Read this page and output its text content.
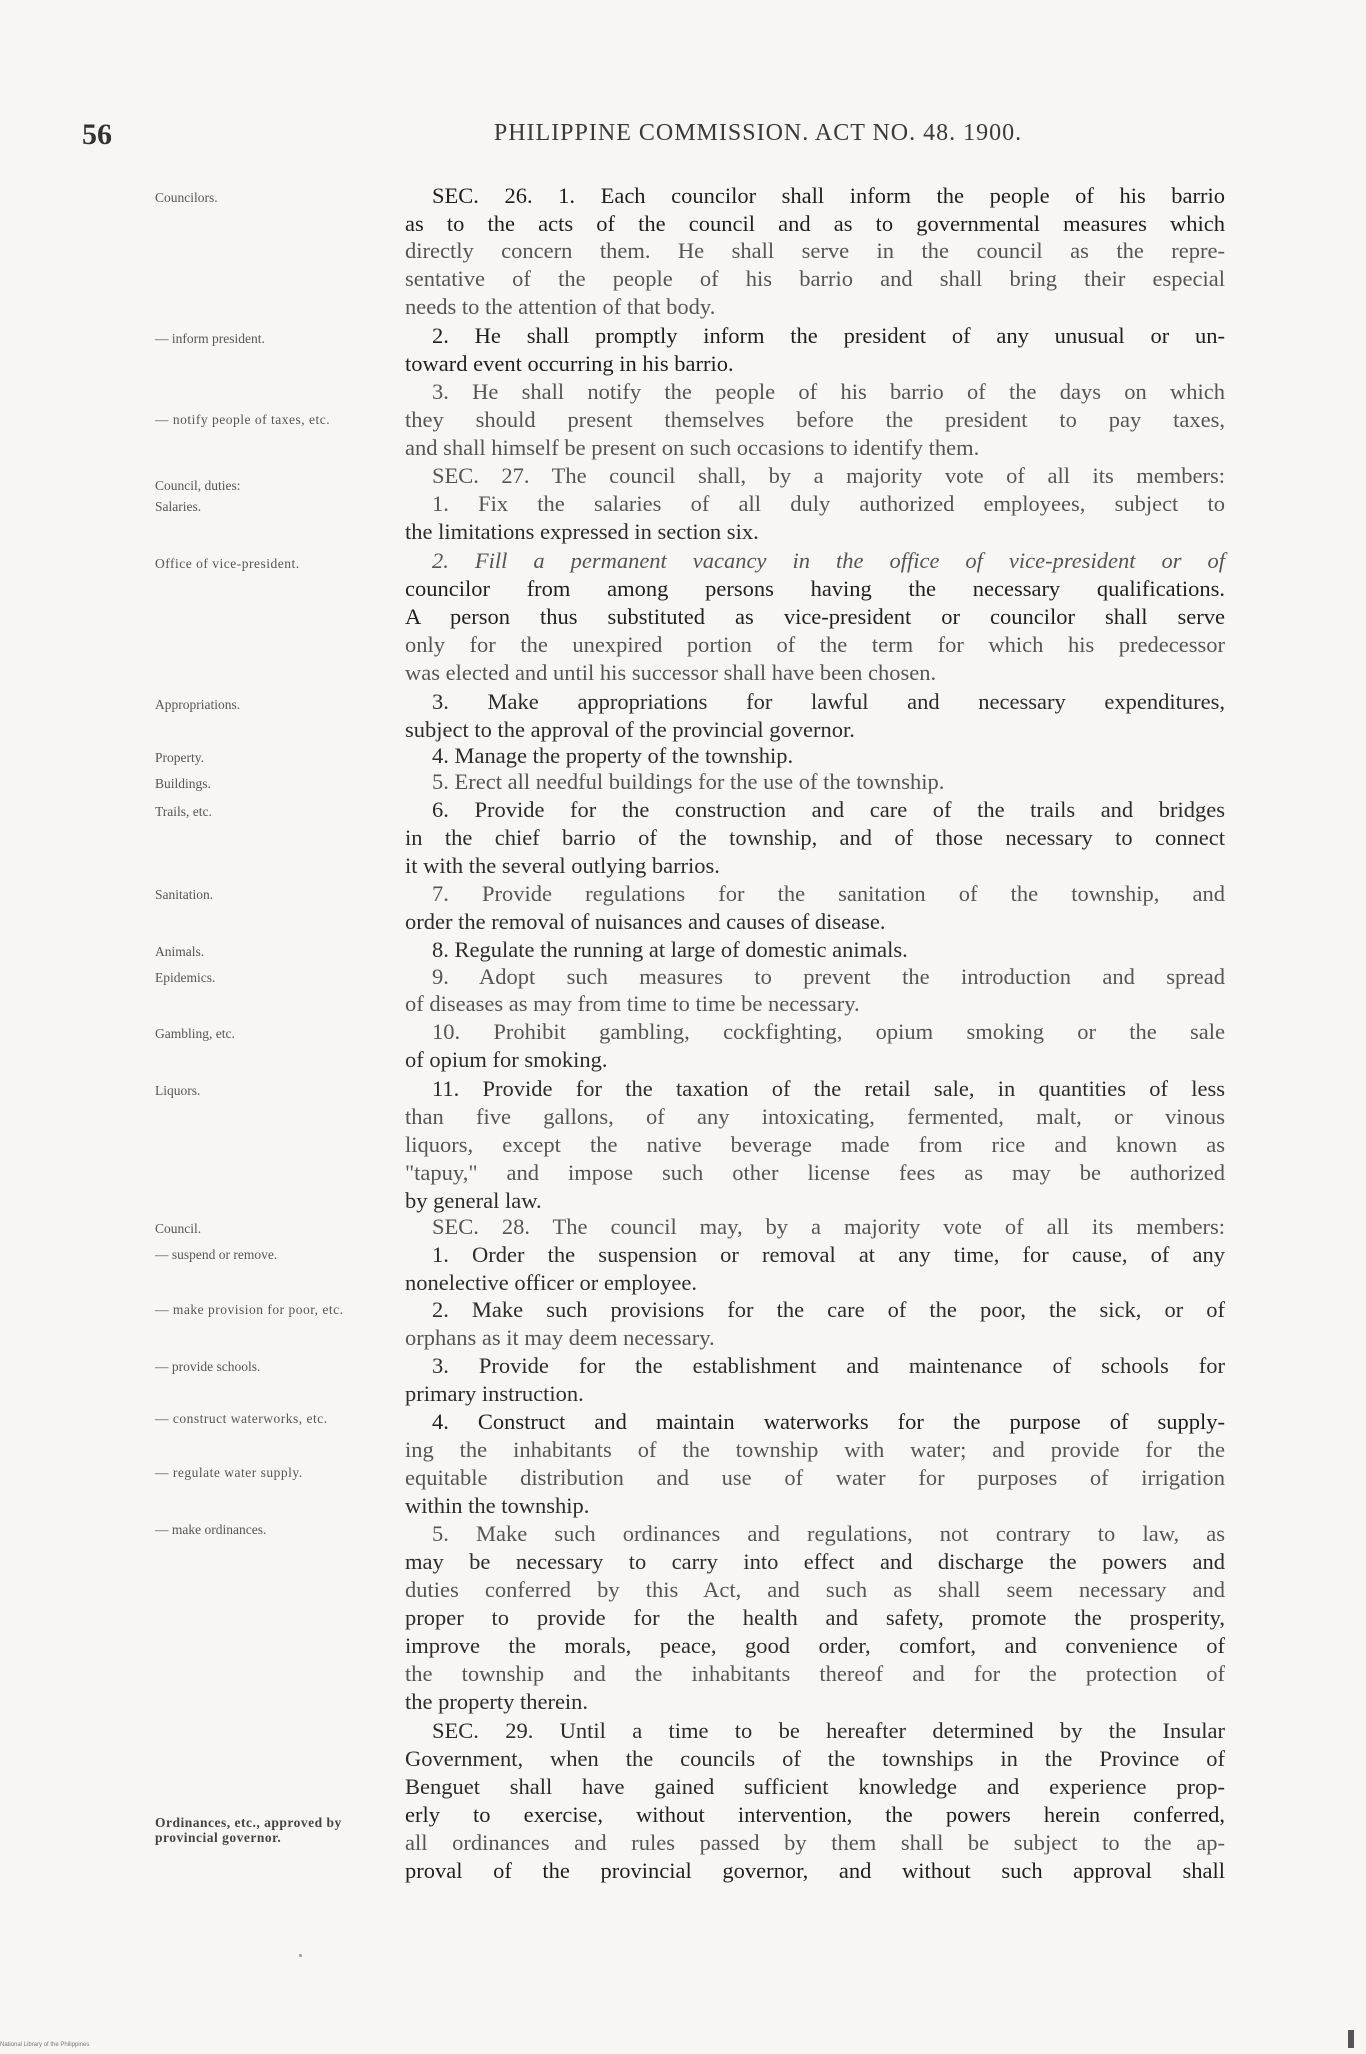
56	PHILIPPINE COMMISSION. ACT NO. 48. 1900.
Councilors.
— inform president.
— notify people of taxes, etc.
Council, duties:
Salaries.
Office of vice-president.
Appropriations.
Property.
Buildings.
Trails, etc.
Sanitation.
Animals.
Epidemics.
Gambling, etc.
Liquors.
Council.
— suspend or remove.
— make provision for poor, etc.
— provide schools.
— construct waterworks, etc.
— regulate water supply.
— make ordinances.
Ordinances, etc., approved by provincial governor.
SEC. 26. 1. Each councilor shall inform the people of his barrio
as to the acts of the council and as to governmental measures which
directly concern them. He shall serve in the council as the repre-
sentative of the people of his barrio and shall bring their especial
needs to the attention of that body.
2. He shall promptly inform the president of any unusual or un-
toward event occurring in his barrio.
3. He shall notify the people of his barrio of the days on which
they should present themselves before the president to pay taxes,
and shall himself be present on such occasions to identify them.
SEC. 27. The council shall, by a majority vote of all its members:
1. Fix the salaries of all duly authorized employees, subject to
the limitations expressed in section six.
2. Fill a permanent vacancy in the office of vice-president or of
councilor from among persons having the necessary qualifications.
A person thus substituted as vice-president or councilor shall serve
only for the unexpired portion of the term for which his predecessor
was elected and until his successor shall have been chosen.
3. Make appropriations for lawful and necessary expenditures,
subject to the approval of the provincial governor.
4. Manage the property of the township.
5. Erect all needful buildings for the use of the township.
6. Provide for the construction and care of the trails and bridges
in the chief barrio of the township, and of those necessary to connect
it with the several outlying barrios.
7. Provide regulations for the sanitation of the township, and
order the removal of nuisances and causes of disease.
8. Regulate the running at large of domestic animals.
9. Adopt such measures to prevent the introduction and spread
of diseases as may from time to time be necessary.
10. Prohibit gambling, cockfighting, opium smoking or the sale
of opium for smoking.
11. Provide for the taxation of the retail sale, in quantities of less
than five gallons, of any intoxicating, fermented, malt, or vinous
liquors, except the native beverage made from rice and known as
"tapuy," and impose such other license fees as may be authorized
by general law.
SEC. 28. The council may, by a majority vote of all its members:
1. Order the suspension or removal at any time, for cause, of any
nonelective officer or employee.
2. Make such provisions for the care of the poor, the sick, or of
orphans as it may deem necessary.
3. Provide for the establishment and maintenance of schools for
primary instruction.
4. Construct and maintain waterworks for the purpose of supply-
ing the inhabitants of the township with water; and provide for the
equitable distribution and use of water for purposes of irrigation
within the township.
5. Make such ordinances and regulations, not contrary to law, as
may be necessary to carry into effect and discharge the powers and
duties conferred by this Act, and such as shall seem necessary and
proper to provide for the health and safety, promote the prosperity,
improve the morals, peace, good order, comfort, and convenience of
the township and the inhabitants thereof and for the protection of
the property therein.
SEC. 29. Until a time to be hereafter determined by the Insular
Government, when the councils of the townships in the Province of
Benguet shall have gained sufficient knowledge and experience prop-
erly to exercise, without intervention, the powers herein conferred,
all ordinances and rules passed by them shall be subject to the ap-
proval of the provincial governor, and without such approval shall
National Library of the Philippines
